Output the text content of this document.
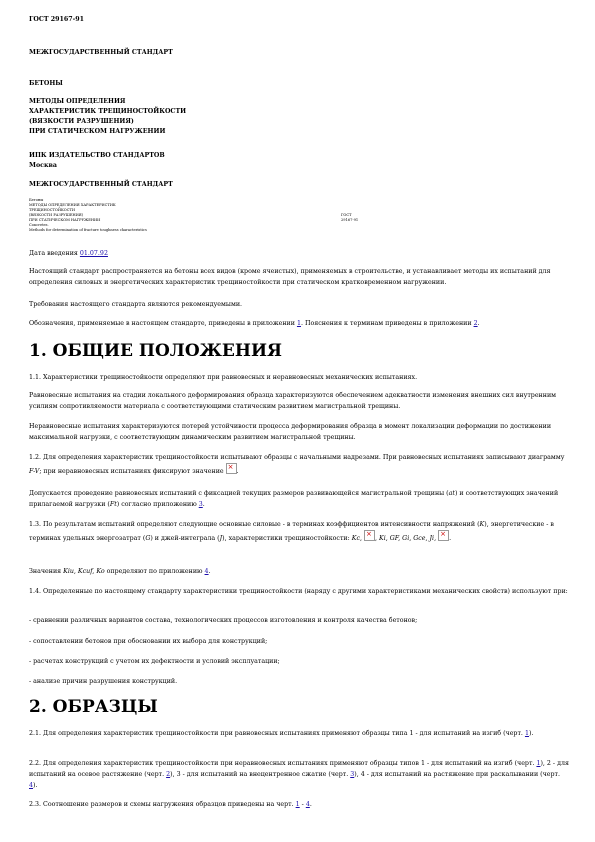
ГОСТ 29167-91
МЕЖГОСУДАРСТВЕННЫЙ СТАНДАРТ
БЕТОНЫ
МЕТОДЫ ОПРЕДЕЛЕНИЯ
ХАРАКТЕРИСТИК ТРЕЩИНОСТОЙКОСТИ
(ВЯЗКОСТИ РАЗРУШЕНИЯ)
ПРИ СТАТИЧЕСКОМ НАГРУЖЕНИИ
ИПК ИЗДАТЕЛЬСТВО СТАНДАРТОВ
Москва
МЕЖГОСУДАРСТВЕННЫЙ СТАНДАРТ
Бетоны
МЕТОДЫ ОПРЕДЕЛЕНИЯ ХАРАКТЕРИСТИК
ТРЕЩИНОСТОЙКОСТИ
(ВЯЗКОСТИ РАЗРУШЕНИЯ)
ПРИ СТАТИЧЕСКОМ НАГРУЖЕНИИ
Concretes.
Methods for determination of fracture toughness characteristics
ГОСТ
29167-91
Дата введения 01.07.92
Настоящий стандарт распространяется на бетоны всех видов (кроме ячеистых), применяемых в строительстве, и устанавливает методы их испытаний для определения силовых и энергетических характеристик трещиностойкости при статическом кратковременном нагружении.
Требования настоящего стандарта являются рекомендуемыми.
Обозначения, применяемые в настоящем стандарте, приведены в приложении 1. Пояснения к терминам приведены в приложении 2.
1. ОБЩИЕ ПОЛОЖЕНИЯ
1.1. Характеристики трещиностойкости определяют при равновесных и неравновесных механических испытаниях.
Равновесные испытания на стадии локального деформирования образца характеризуются обеспечением адекватности изменения внешних сил внутренним усилиям сопротивляемости материала с соответствующими статическим развитием магистральной трещины.
Неравновесные испытания характеризуются потерей устойчивости процесса деформирования образца в момент локализации деформации по достижении максимальной нагрузки, с соответствующим динамическим развитием магистральной трещины.
1.2. Для определения характеристик трещиностойкости испытывают образцы с начальными надрезами. При равновесных испытаниях записывают диаграмму F-V; при неравновесных испытаниях фиксируют значение ×.
Допускается проведение равновесных испытаний с фиксацией текущих размеров развивающейся магистральной трещины (at) и соответствующих значений прилагаемой нагрузки (Ft) согласно приложению 3.
1.3. По результатам испытаний определяют следующие основные силовые - в терминах коэффициентов интенсивности напряжений (K), энергетические - в терминах удельных энергозатрат (G) и джей-интеграла (J), характеристики трещиностойкости: Kc, ×, Ki, GF, Gi, Gce, Ji, ×.
Значения Kiu, Kcuf, Ko определяют по приложению 4.
1.4. Определенные по настоящему стандарту характеристики трещиностойкости (наряду с другими характеристиками механических свойств) используют при:
- сравнении различных вариантов состава, технологических процессов изготовления и контроля качества бетонов;
- сопоставлении бетонов при обосновании их выбора для конструкций;
- расчетах конструкций с учетом их дефектности и условий эксплуатации;
- анализе причин разрушения конструкций.
2. ОБРАЗЦЫ
2.1. Для определения характеристик трещиностойкости при равновесных испытаниях применяют образцы типа 1 - для испытаний на изгиб (черт. 1).
2.2. Для определения характеристик трещиностойкости при неравновесных испытаниях применяют образцы типов 1 - для испытаний на изгиб (черт. 1), 2 - для испытаний на осевое растяжение (черт. 2), 3 - для испытаний на внецентренное сжатие (черт. 3), 4 - для испытаний на растяжение при раскалывании (черт. 4).
2.3. Соотношение размеров и схемы нагружения образцов приведены на черт. 1 - 4.
